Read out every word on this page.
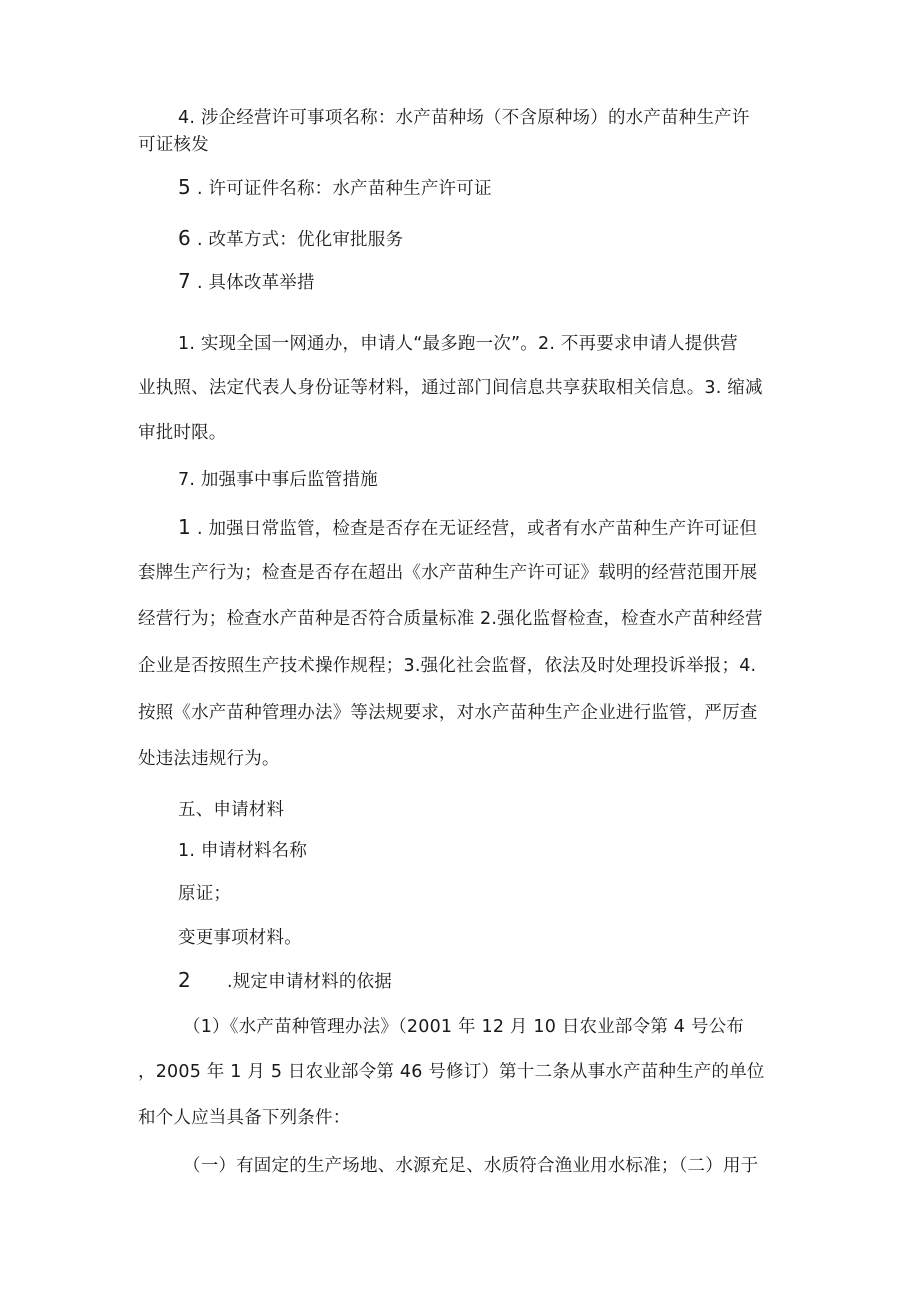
4. 涉企经营许可事项名称：水产苗种场（不含原种场）的水产苗种生产许
可证核发
5 . 许可证件名称：水产苗种生产许可证
6 . 改革方式：优化审批服务
7 . 具体改革举措
1. 实现全国一网通办，申请人“最多跑一次”。2. 不再要求申请人提供营
业执照、法定代表人身份证等材料，通过部门间信息共享获取相关信息。3. 缩减
审批时限。
7. 加强事中事后监管措施
1 . 加强日常监管，检查是否存在无证经营，或者有水产苗种生产许可证但
套牌生产行为；检查是否存在超出《水产苗种生产许可证》载明的经营范围开展
经营行为；检查水产苗种是否符合质量标准 2.强化监督检查，检查水产苗种经营
企业是否按照生产技术操作规程；3.强化社会监督，依法及时处理投诉举报；4.
按照《水产苗种管理办法》等法规要求，对水产苗种生产企业进行监管，严厉查
处违法违规行为。
五、申请材料
1. 申请材料名称
原证；
变更事项材料。
2 .规定申请材料的依据
（1）《水产苗种管理办法》（2001 年 12 月 10 日农业部令第 4 号公布
，2005 年 1 月 5 日农业部令第 46 号修订）第十二条从事水产苗种生产的单位
和个人应当具备下列条件：
（一）有固定的生产场地、水源充足、水质符合渔业用水标准；（二）用于
